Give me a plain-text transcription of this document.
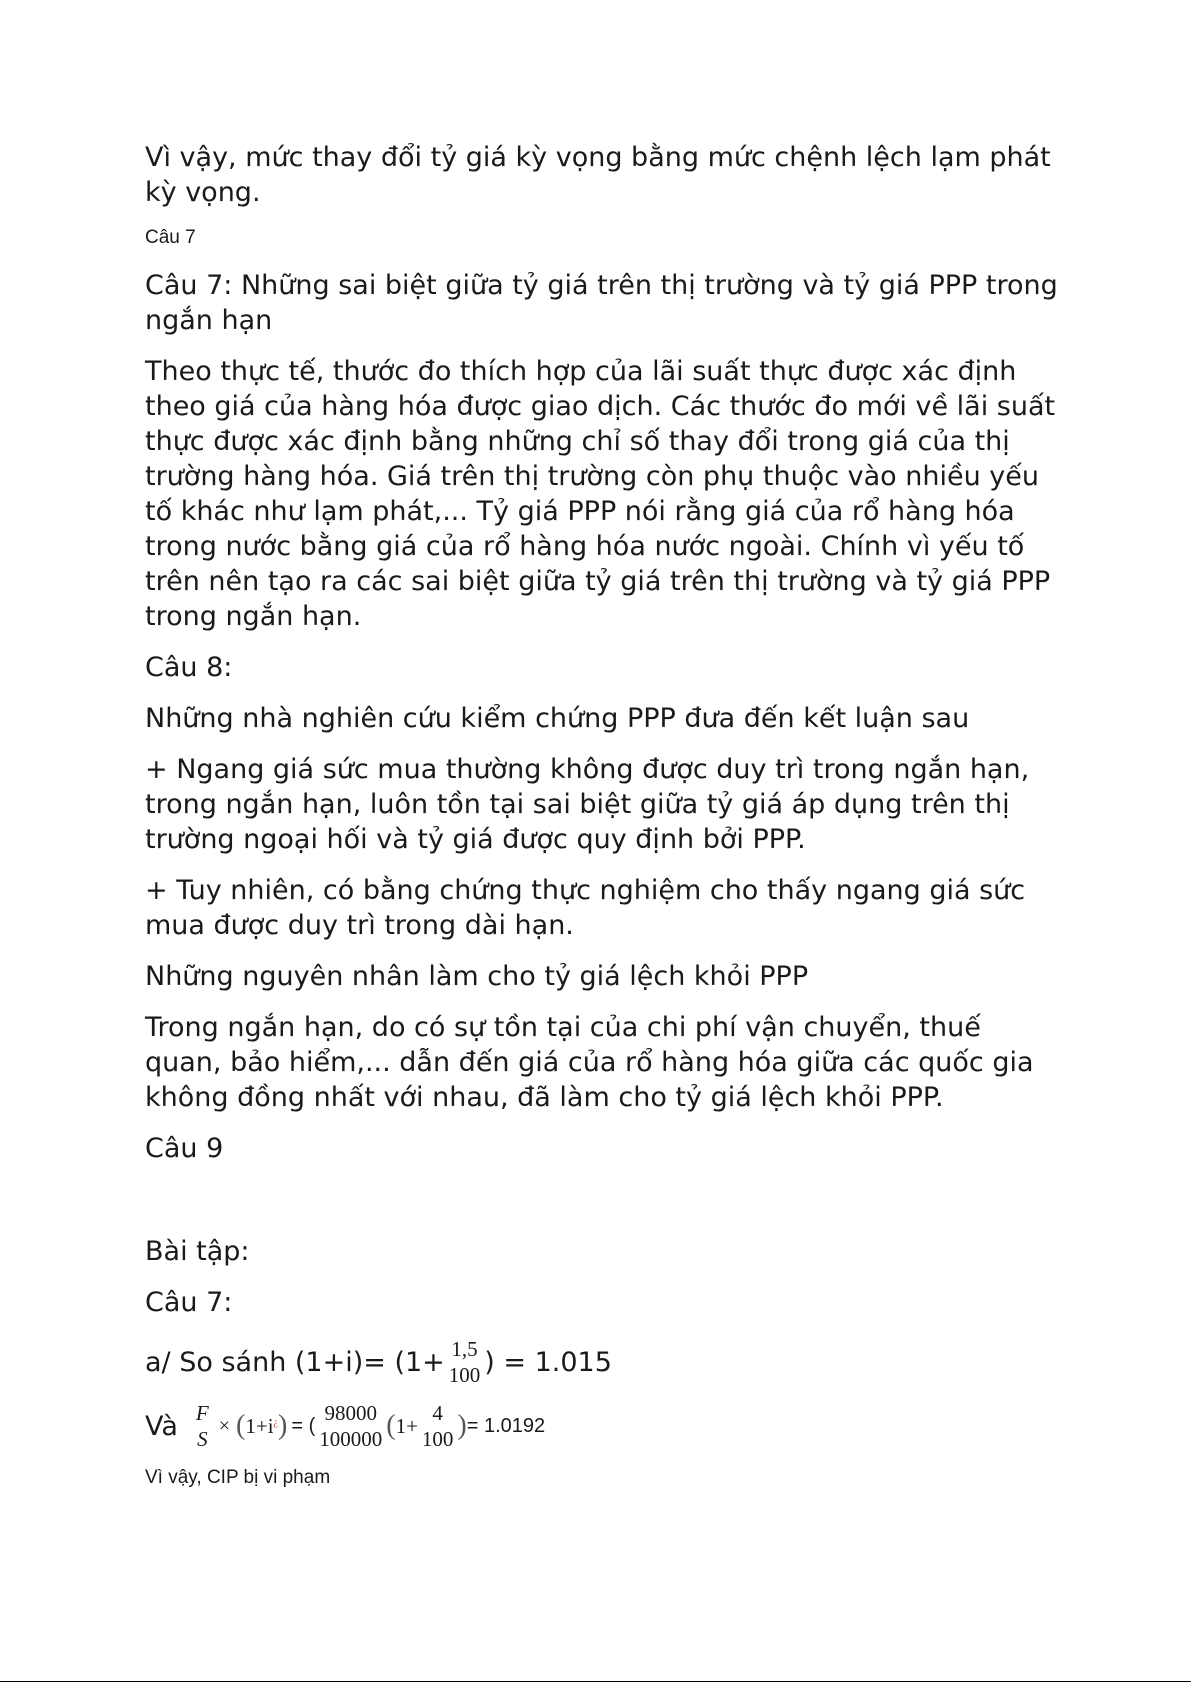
Vì vậy, mức thay đổi tỷ giá kỳ vọng bằng mức chệnh lệch lạm phát kỳ vọng.

Câu 7

Câu 7: Những sai biệt giữa tỷ giá trên thị trường và tỷ giá PPP trong ngắn hạn

Theo thực tế, thước đo thích hợp của lãi suất thực được xác định theo giá của hàng hóa được giao dịch. Các thước đo mới về lãi suất thực được xác định bằng những chỉ số thay đổi trong giá của thị trường hàng hóa. Giá trên thị trường còn phụ thuộc vào nhiều yếu tố khác như lạm phát,... Tỷ giá PPP nói rằng giá của rổ hàng hóa trong nước bằng giá của rổ hàng hóa nước ngoài. Chính vì yếu tố trên nên tạo ra các sai biệt giữa tỷ giá trên thị trường và tỷ giá PPP trong ngắn hạn.

Câu 8:

Những nhà nghiên cứu kiểm chứng PPP đưa đến kết luận sau

+ Ngang giá sức mua thường không được duy trì trong ngắn hạn, trong ngắn hạn, luôn tồn tại sai biệt giữa tỷ giá áp dụng trên thị trường ngoại hối và tỷ giá được quy định bởi PPP.

+ Tuy nhiên, có bằng chứng thực nghiệm cho thấy ngang giá sức mua được duy trì trong dài hạn.

Những nguyên nhân làm cho tỷ giá lệch khỏi PPP

Trong ngắn hạn, do có sự tồn tại của chi phí vận chuyển, thuế quan, bảo hiểm,... dẫn đến giá của rổ hàng hóa giữa các quốc gia không đồng nhất với nhau, đã làm cho tỷ giá lệch khỏi PPP.

Câu 9

Bài tập:

Câu 7:

a/ So sánh (1+i)= (1+ 1,5
100 ) = 1.015
Và F
S
× ( 1+i¿ ) = (
98000
100000 ( 1+
4
100 ) = 1.0192

Vì vậy, CIP bị vi phạm
